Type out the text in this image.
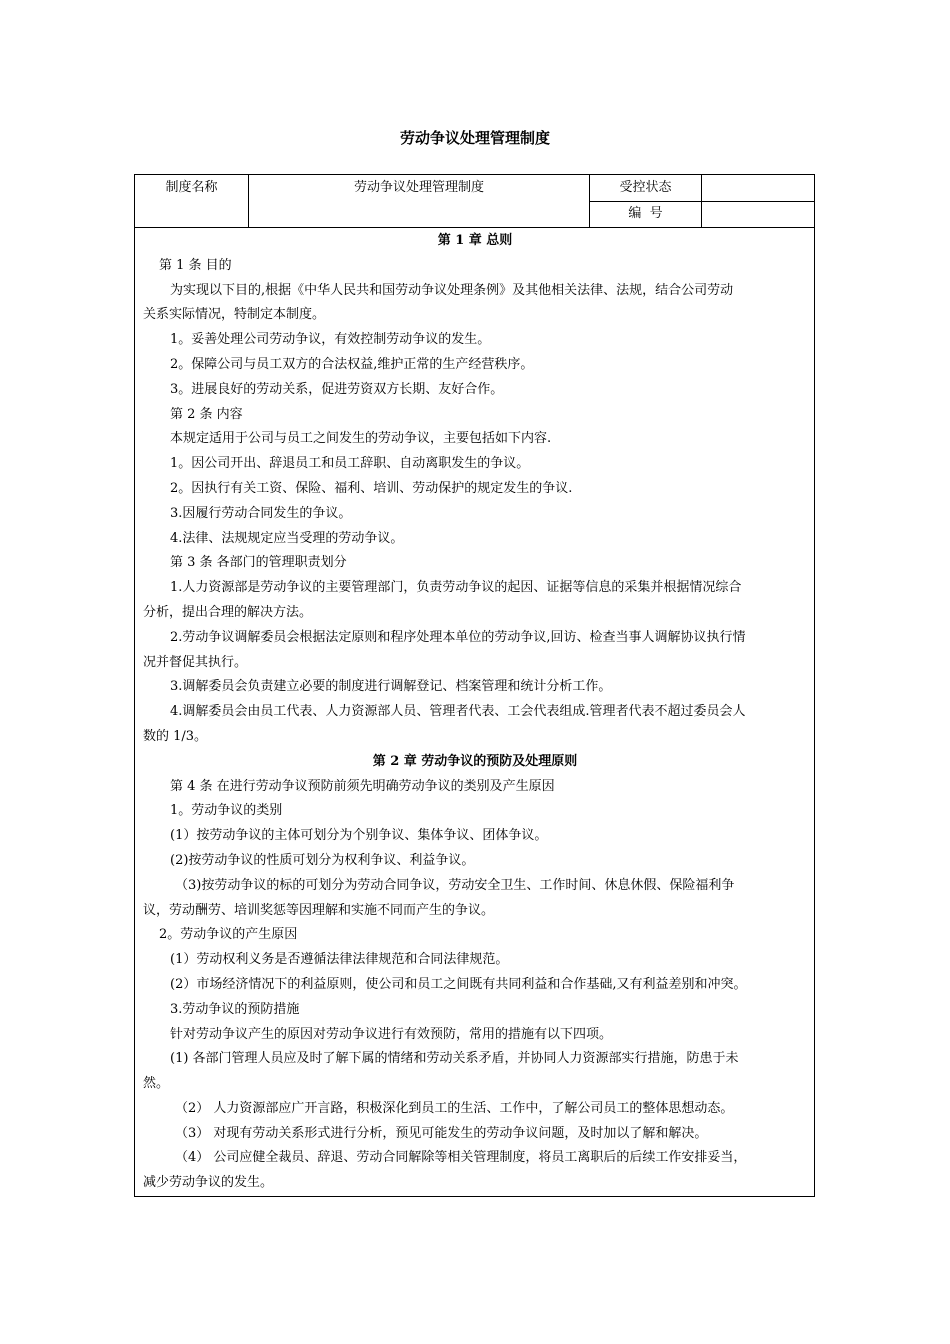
劳动争议处理管理制度
制度名称	劳动争议处理管理制度	受控状态
编  号
第 1 章 总则
第 1 条 目的
为实现以下目的,根据《中华人民共和国劳动争议处理条例》及其他相关法律、法规，结合公司劳动
关系实际情况，特制定本制度。
1。妥善处理公司劳动争议，有效控制劳动争议的发生。
2。保障公司与员工双方的合法权益,维护正常的生产经营秩序。
3。进展良好的劳动关系，促进劳资双方长期、友好合作。
第 2 条 内容
本规定适用于公司与员工之间发生的劳动争议，主要包括如下内容.
1。因公司开出、辞退员工和员工辞职、自动离职发生的争议。
2。因执行有关工资、保险、福利、培训、劳动保护的规定发生的争议.
3.因履行劳动合同发生的争议。
4.法律、法规规定应当受理的劳动争议。
第 3 条 各部门的管理职责划分
1.人力资源部是劳动争议的主要管理部门，负责劳动争议的起因、证据等信息的采集并根据情况综合
分析，提出合理的解决方法。
2.劳动争议调解委员会根据法定原则和程序处理本单位的劳动争议,回访、检查当事人调解协议执行情
况并督促其执行。
3.调解委员会负责建立必要的制度进行调解登记、档案管理和统计分析工作。
4.调解委员会由员工代表、人力资源部人员、管理者代表、工会代表组成.管理者代表不超过委员会人
数的 1/3。
第 2 章 劳动争议的预防及处理原则
第 4 条 在进行劳动争议预防前须先明确劳动争议的类别及产生原因
1。劳动争议的类别
(1）按劳动争议的主体可划分为个别争议、集体争议、团体争议。
(2)按劳动争议的性质可划分为权利争议、利益争议。
（3)按劳动争议的标的可划分为劳动合同争议，劳动安全卫生、工作时间、休息休假、保险福利争
议，劳动酬劳、培训奖惩等因理解和实施不同而产生的争议。
2。劳动争议的产生原因
(1）劳动权利义务是否遵循法律法律规范和合同法律规范。
(2）市场经济情况下的利益原则，使公司和员工之间既有共同利益和合作基础,又有利益差别和冲突。
3.劳动争议的预防措施
针对劳动争议产生的原因对劳动争议进行有效预防，常用的措施有以下四项。
(1) 各部门管理人员应及时了解下属的情绪和劳动关系矛盾，并协同人力资源部实行措施，防患于未
然。
（2） 人力资源部应广开言路，积极深化到员工的生活、工作中，了解公司员工的整体思想动态。
（3） 对现有劳动关系形式进行分析，预见可能发生的劳动争议问题，及时加以了解和解决。
（4） 公司应健全裁员、辞退、劳动合同解除等相关管理制度，将员工离职后的后续工作安排妥当，
减少劳动争议的发生。
